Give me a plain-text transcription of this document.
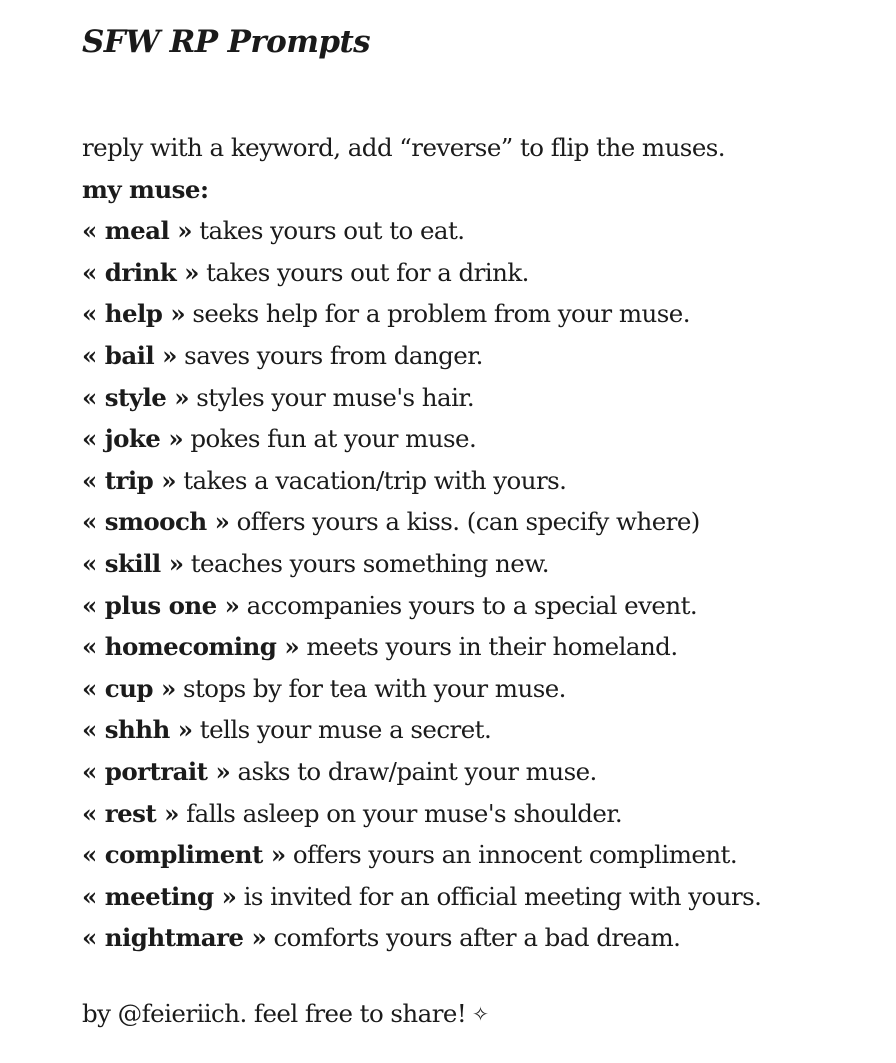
SFW RP Prompts
reply with a keyword, add “reverse” to flip the muses.
my muse:
« meal » takes yours out to eat.
« drink » takes yours out for a drink.
« help » seeks help for a problem from your muse.
« bail » saves yours from danger.
« style » styles your muse's hair.
« joke » pokes fun at your muse.
« trip » takes a vacation/trip with yours.
« smooch » offers yours a kiss. (can specify where)
« skill » teaches yours something new.
« plus one » accompanies yours to a special event.
« homecoming » meets yours in their homeland.
« cup » stops by for tea with your muse.
« shhh » tells your muse a secret.
« portrait » asks to draw/paint your muse.
« rest » falls asleep on your muse's shoulder.
« compliment » offers yours an innocent compliment.
« meeting » is invited for an official meeting with yours.
« nightmare » comforts yours after a bad dream.
by @feieriich. feel free to share! ✧
